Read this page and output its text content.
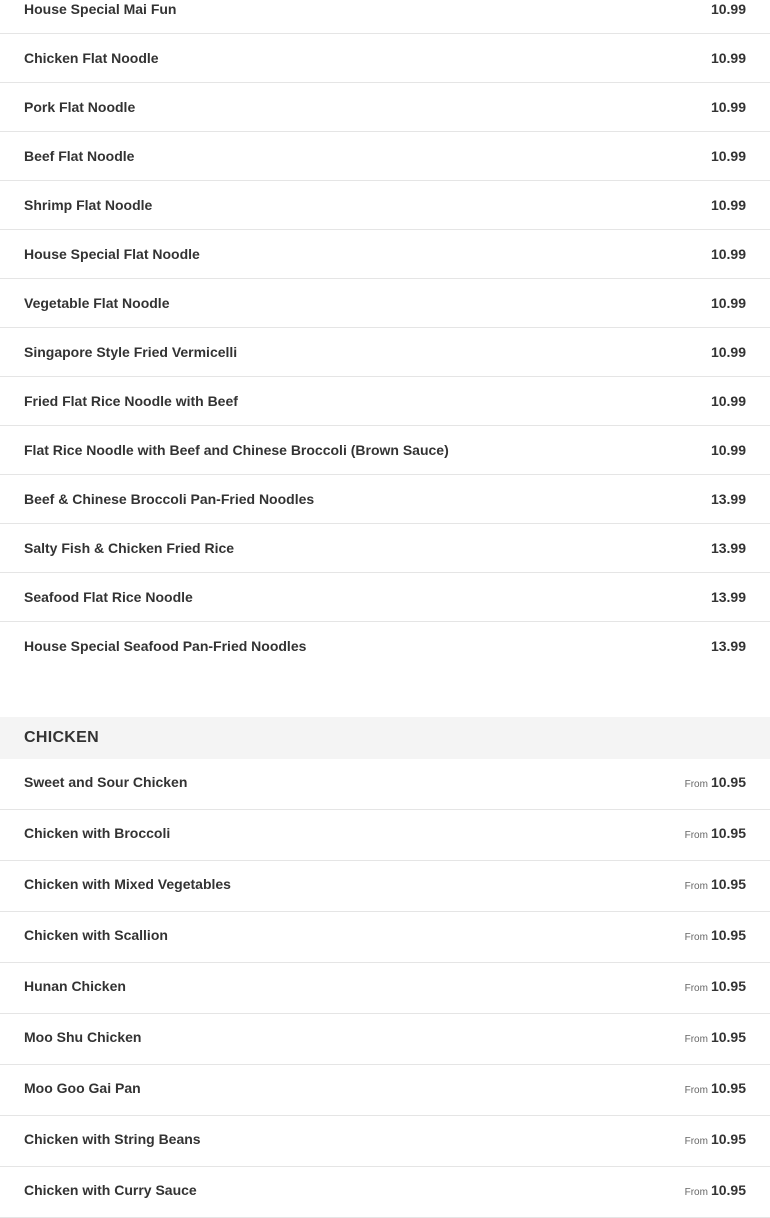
House Special Mai Fun	10.99
Chicken Flat Noodle	10.99
Pork Flat Noodle	10.99
Beef Flat Noodle	10.99
Shrimp Flat Noodle	10.99
House Special Flat Noodle	10.99
Vegetable Flat Noodle	10.99
Singapore Style Fried Vermicelli	10.99
Fried Flat Rice Noodle with Beef	10.99
Flat Rice Noodle with Beef and Chinese Broccoli (Brown Sauce)	10.99
Beef & Chinese Broccoli Pan-Fried Noodles	13.99
Salty Fish & Chicken Fried Rice	13.99
Seafood Flat Rice Noodle	13.99
House Special Seafood Pan-Fried Noodles	13.99
CHICKEN
Sweet and Sour Chicken	From 10.95
Chicken with Broccoli	From 10.95
Chicken with Mixed Vegetables	From 10.95
Chicken with Scallion	From 10.95
Hunan Chicken	From 10.95
Moo Shu Chicken	From 10.95
Moo Goo Gai Pan	From 10.95
Chicken with String Beans	From 10.95
Chicken with Curry Sauce	From 10.95
